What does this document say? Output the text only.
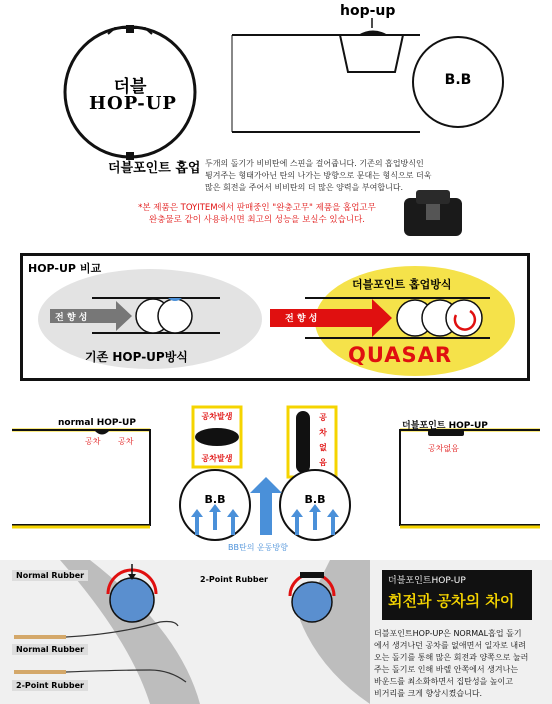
더블
HOP-UP
hop-up
B.B
더블포인트 홉업 두개의 돌기가 비비탄에 스핀을 걸어줍니다. 기존의 홉업방식인
튕겨주는 형태가아닌 탄의 나가는 방향으로 문대는 형식으로 더욱
많은 회전을 주어서 비비탄의 더 많은 양력을 부여합니다.
*본 제품은 TOYITEM에서 판매중인 "완충고무" 제품을 홉업고무
완충물로 같이 사용하시면 최고의 성능을 보실수 있습니다.
HOP-UP 비교
전 향 성
기존 HOP-UP방식
더블포인트 홉업방식
전 향 성
QUASAR
normal HOP-UP
공차 공차
공차발생
공차발생
공
차
없
음
B.B	B.B
BB탄의 운동방향
더블포인트 HOP-UP
공차없음
Normal Rubber	2-Point Rubber
Normal Rubber
2-Point Rubber
더블포인트HOP-UP
회전과 공차의 차이
더블포인트HOP-UP은 NORMAL홉업 돌기
에서 생겨나던 공차를 없애면서 일자로 내려
오는 돌기를 통해 많은 회전과 양쪽으로 눌러
주는 돌기로 인해 바렐 안쪽에서 생겨나는
바운드를 최소화하면서 집탄성을 높이고
비거리를 크게 향상시켰습니다.
